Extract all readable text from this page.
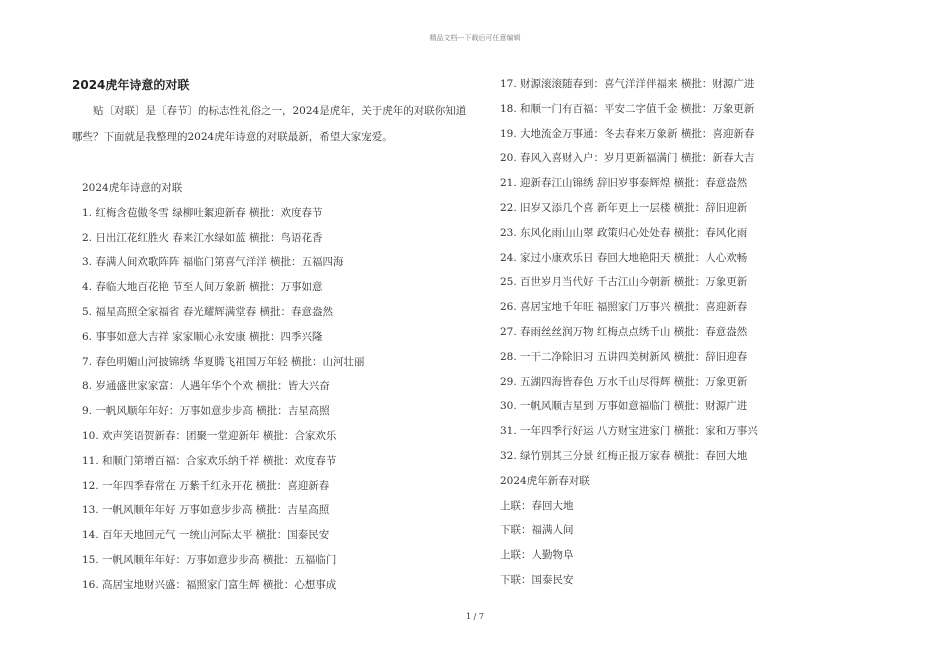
精品文档---下载后可任意编辑
2024虎年诗意的对联

贴〔对联〕是〔春节〕的标志性礼俗之一，2024是虎年，关于虎年的对联你知道哪些？下面就是我整理的2024虎年诗意的对联最新，希望大家宠爱。

2024虎年诗意的对联
1. 红梅含苞傲冬雪 绿柳吐絮迎新春 横批：欢度春节
2. 日出江花红胜火 春来江水绿如蓝 横批：鸟语花香
3. 春满人间欢歌阵阵 福临门第喜气洋洋 横批：五福四海
4. 春临大地百花艳 节至人间万象新 横批：万事如意
5. 福星高照全家福省 春光耀辉满堂春 横批：春意盎然
6. 事事如意大吉祥 家家顺心永安康 横批：四季兴隆
7. 春色明媚山河披锦绣 华夏腾飞祖国万年轻 横批：山河壮丽
8. 岁通盛世家家富：人遇年华个个欢 横批：皆大兴奋
9. 一帆风顺年年好：万事如意步步高 横批：吉星高照
10. 欢声笑语贺新春：团聚一堂迎新年 横批：合家欢乐
11. 和顺门第增百福：合家欢乐纳千祥 横批：欢度春节
12. 一年四季春常在 万紫千红永开花 横批：喜迎新春
13. 一帆风顺年年好 万事如意步步高 横批：吉星高照
14. 百年天地回元气 一统山河际太平 横批：国泰民安
15. 一帆风顺年年好：万事如意步步高 横批：五福临门
16. 高居宝地财兴盛：福照家门富生辉 横批：心想事成
17. 财源滚滚随春到：喜气洋洋伴福来 横批：财源广进
18. 和顺一门有百福：平安二字值千金 横批：万象更新
19. 大地流金万事通：冬去春来万象新 横批：喜迎新春
20. 春风入喜财入户：岁月更新福满门 横批：新春大吉
21. 迎新春江山锦绣 辞旧岁事泰辉煌 横批：春意盎然
22. 旧岁又添几个喜 新年更上一层楼 横批：辞旧迎新
23. 东风化雨山山翠 政策归心处处春 横批：春风化雨
24. 家过小康欢乐日 春回大地艳阳天 横批：人心欢畅
25. 百世岁月当代好 千古江山今朝新 横批：万象更新
26. 喜居宝地千年旺 福照家门万事兴 横批：喜迎新春
27. 春雨丝丝润万物 红梅点点绣千山 横批：春意盎然
28. 一干二净除旧习 五讲四美树新风 横批：辞旧迎春
29. 五湖四海皆春色 万水千山尽得辉 横批：万象更新
30. 一帆风顺吉星到 万事如意福临门 横批：财源广进
31. 一年四季行好运 八方财宝进家门 横批：家和万事兴
32. 绿竹别其三分景 红梅正报万家春 横批：春回大地
2024虎年新春对联
上联：春回大地
下联：福满人间
上联：人勤物阜
下联：国泰民安
1 / 7
